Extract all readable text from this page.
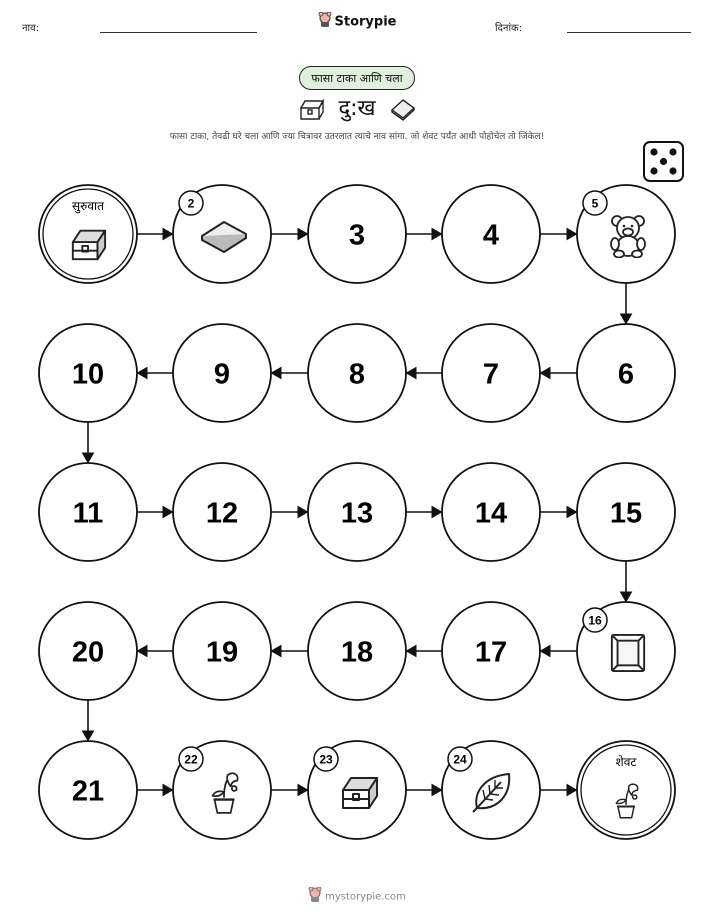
नाव:	Storypie	दिनांक:
फासा टाका आणि चला
दु:ख
फासा टाका, तेवढी घरे चला आणि ज्या चित्रावर उतरलात त्याचे नाव सांगा. जो शेवट पर्यंत आधी पोहोचेल तो जिंकेल!
सुरुवात	2
3	4
5
6
7
8
9
10
11	12	13	14	15
16
17
18
19
20
21
22	23	24	शेवट
mystorypie.com
